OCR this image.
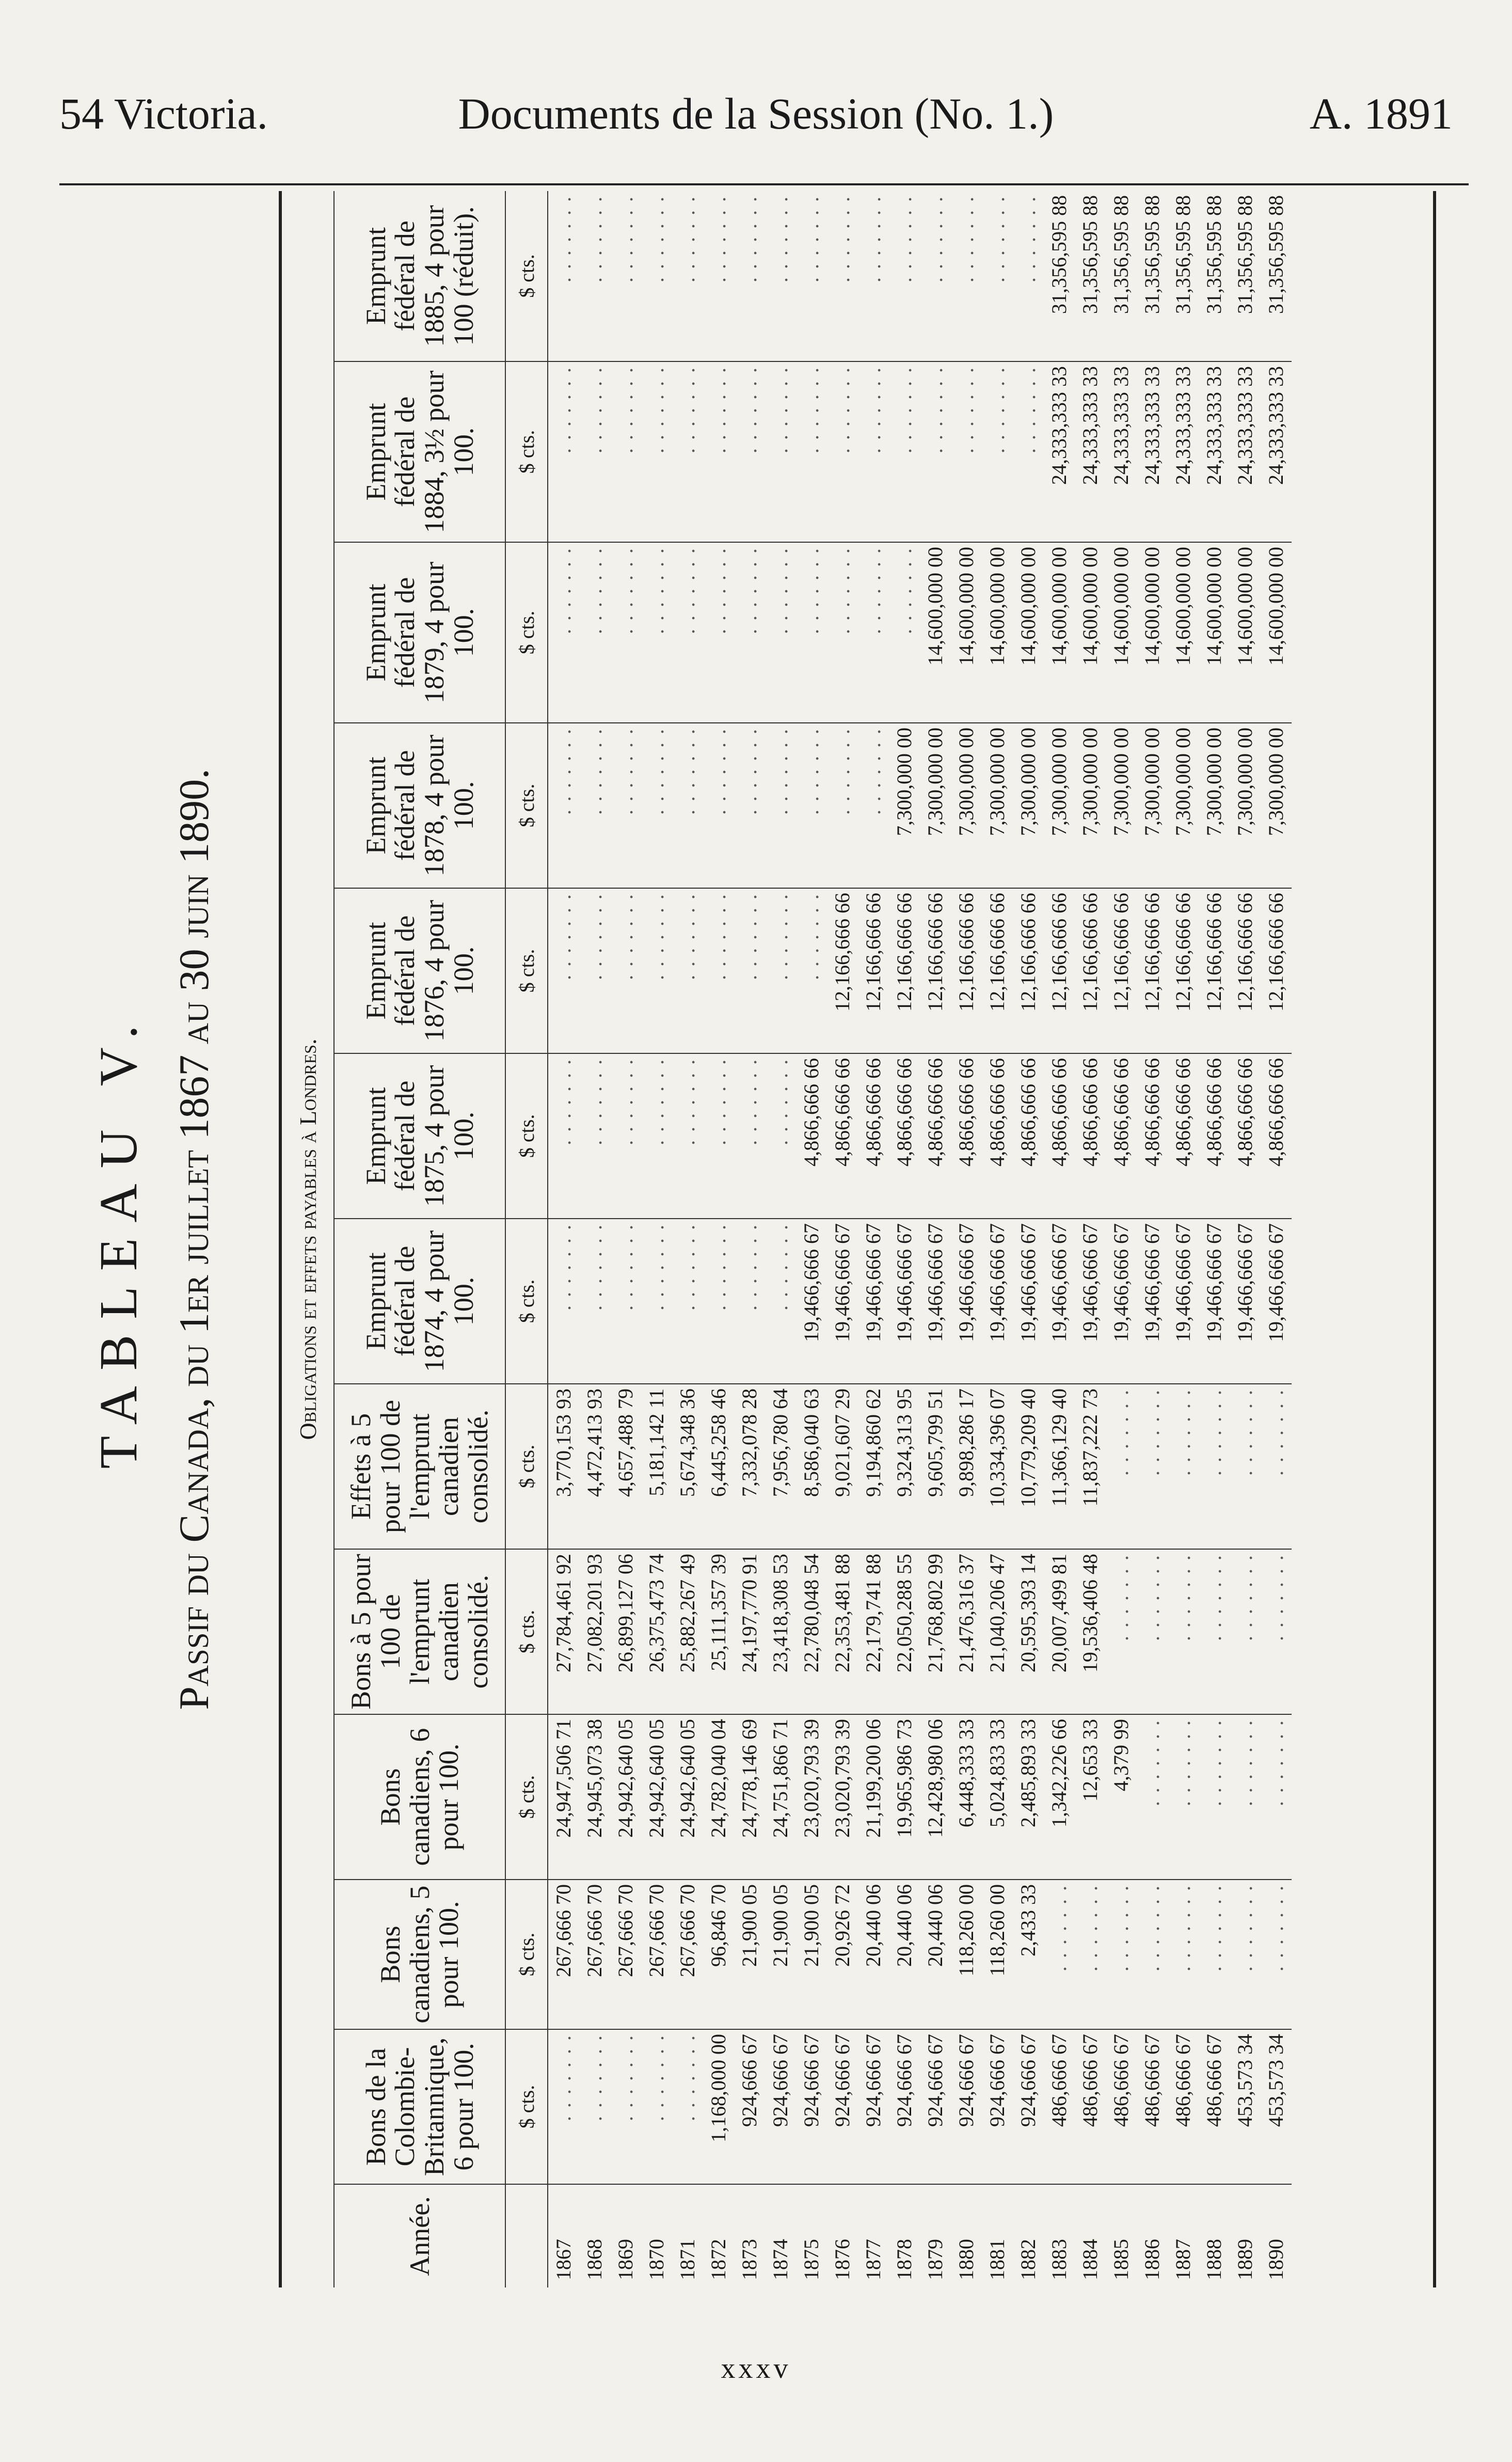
Documents de la Session (No. 1.)
54 Victoria.	A. 1891
TABLEAU V. Passif du Canada, du 1er juillet 1867 au 30 juin 1890.	Obligations et effets payables à Londres.												
Année.	Bons de la Colombie-Britannique, 6 pour 100.	Bons canadiens, 5 pour 100.	Bons canadiens, 6 pour 100.	Bons à 5 pour 100 de l'emprunt canadien consolidé.	Effets à 5 pour 100 de l'emprunt canadien consolidé.	Emprunt fédéral de 1874, 4 pour 100.	Emprunt fédéral de 1875, 4 pour 100.	Emprunt fédéral de 1876, 4 pour 100.	Emprunt fédéral de 1878, 4 pour 100.	Emprunt fédéral de 1879, 4 pour 100.	Emprunt fédéral de 1884, 3½ pour 100.	Emprunt fédéral de 1885, 4 pour 100 (réduit).
	$ cts.	$ cts.	$ cts.	$ cts.	$ cts.	$ cts.	$ cts.	$ cts.	$ cts.	$ cts.	$ cts.	$ cts.
1867	. . . . . . .	267,666 70	24,947,506 71	27,784,461 92	3,770,153 93	. . . . . . .	. . . . . . .	. . . . . . .	. . . . . . .	. . . . . . .	. . . . . . .	. . . . . . .
1868	. . . . . . .	267,666 70	24,945,073 38	27,082,201 93	4,472,413 93	. . . . . . .	. . . . . . .	. . . . . . .	. . . . . . .	. . . . . . .	. . . . . . .	. . . . . . .
1869	. . . . . . .	267,666 70	24,942,640 05	26,899,127 06	4,657,488 79	. . . . . . .	. . . . . . .	. . . . . . .	. . . . . . .	. . . . . . .	. . . . . . .	. . . . . . .
1870	. . . . . . .	267,666 70	24,942,640 05	26,375,473 74	5,181,142 11	. . . . . . .	. . . . . . .	. . . . . . .	. . . . . . .	. . . . . . .	. . . . . . .	. . . . . . .
1871	. . . . . . .	267,666 70	24,942,640 05	25,882,267 49	5,674,348 36	. . . . . . .	. . . . . . .	. . . . . . .	. . . . . . .	. . . . . . .	. . . . . . .	. . . . . . .
1872	1,168,000 00	96,846 70	24,782,040 04	25,111,357 39	6,445,258 46	. . . . . . .	. . . . . . .	. . . . . . .	. . . . . . .	. . . . . . .	. . . . . . .	. . . . . . .
1873	924,666 67	21,900 05	24,778,146 69	24,197,770 91	7,332,078 28	. . . . . . .	. . . . . . .	. . . . . . .	. . . . . . .	. . . . . . .	. . . . . . .	. . . . . . .
1874	924,666 67	21,900 05	24,751,866 71	23,418,308 53	7,956,780 64	. . . . . . .	. . . . . . .	. . . . . . .	. . . . . . .	. . . . . . .	. . . . . . .	. . . . . . .
1875	924,666 67	21,900 05	23,020,793 39	22,780,048 54	8,586,040 63	19,466,666 67	4,866,666 66	. . . . . . .	. . . . . . .	. . . . . . .	. . . . . . .	. . . . . . .
1876	924,666 67	20,926 72	23,020,793 39	22,353,481 88	9,021,607 29	19,466,666 67	4,866,666 66	12,166,666 66	. . . . . . .	. . . . . . .	. . . . . . .	. . . . . . .
1877	924,666 67	20,440 06	21,199,200 06	22,179,741 88	9,194,860 62	19,466,666 67	4,866,666 66	12,166,666 66	. . . . . . .	. . . . . . .	. . . . . . .	. . . . . . .
1878	924,666 67	20,440 06	19,965,986 73	22,050,288 55	9,324,313 95	19,466,666 67	4,866,666 66	12,166,666 66	7,300,000 00	. . . . . . .	. . . . . . .	. . . . . . .
1879	924,666 67	20,440 06	12,428,980 06	21,768,802 99	9,605,799 51	19,466,666 67	4,866,666 66	12,166,666 66	7,300,000 00	14,600,000 00	. . . . . . .	. . . . . . .
1880	924,666 67	118,260 00	6,448,333 33	21,476,316 37	9,898,286 17	19,466,666 67	4,866,666 66	12,166,666 66	7,300,000 00	14,600,000 00	. . . . . . .	. . . . . . .
1881	924,666 67	118,260 00	5,024,833 33	21,040,206 47	10,334,396 07	19,466,666 67	4,866,666 66	12,166,666 66	7,300,000 00	14,600,000 00	. . . . . . .	. . . . . . .
1882	924,666 67	2,433 33	2,485,893 33	20,595,393 14	10,779,209 40	19,466,666 67	4,866,666 66	12,166,666 66	7,300,000 00	14,600,000 00	. . . . . . .	. . . . . . .
1883	486,666 67	. . . . . . .	1,342,226 66	20,007,499 81	11,366,129 40	19,466,666 67	4,866,666 66	12,166,666 66	7,300,000 00	14,600,000 00	24,333,333 33	31,356,595 88
1884	486,666 67	. . . . . . .	12,653 33	19,536,406 48	11,837,222 73	19,466,666 67	4,866,666 66	12,166,666 66	7,300,000 00	14,600,000 00	24,333,333 33	31,356,595 88
1885	486,666 67	. . . . . . .	4,379 99	. . . . . . .	. . . . . . .	19,466,666 67	4,866,666 66	12,166,666 66	7,300,000 00	14,600,000 00	24,333,333 33	31,356,595 88
1886	486,666 67	. . . . . . .	. . . . . . .	. . . . . . .	. . . . . . .	19,466,666 67	4,866,666 66	12,166,666 66	7,300,000 00	14,600,000 00	24,333,333 33	31,356,595 88
1887	486,666 67	. . . . . . .	. . . . . . .	. . . . . . .	. . . . . . .	19,466,666 67	4,866,666 66	12,166,666 66	7,300,000 00	14,600,000 00	24,333,333 33	31,356,595 88
1888	486,666 67	. . . . . . .	. . . . . . .	. . . . . . .	. . . . . . .	19,466,666 67	4,866,666 66	12,166,666 66	7,300,000 00	14,600,000 00	24,333,333 33	31,356,595 88
1889	453,573 34	. . . . . . .	. . . . . . .	. . . . . . .	. . . . . . .	19,466,666 67	4,866,666 66	12,166,666 66	7,300,000 00	14,600,000 00	24,333,333 33	31,356,595 88
1890	453,573 34	. . . . . . .	. . . . . . .	. . . . . . .	. . . . . . .	19,466,666 67	4,866,666 66	12,166,666 66	7,300,000 00	14,600,000 00	24,333,333 33	31,356,595 88
xxxv
